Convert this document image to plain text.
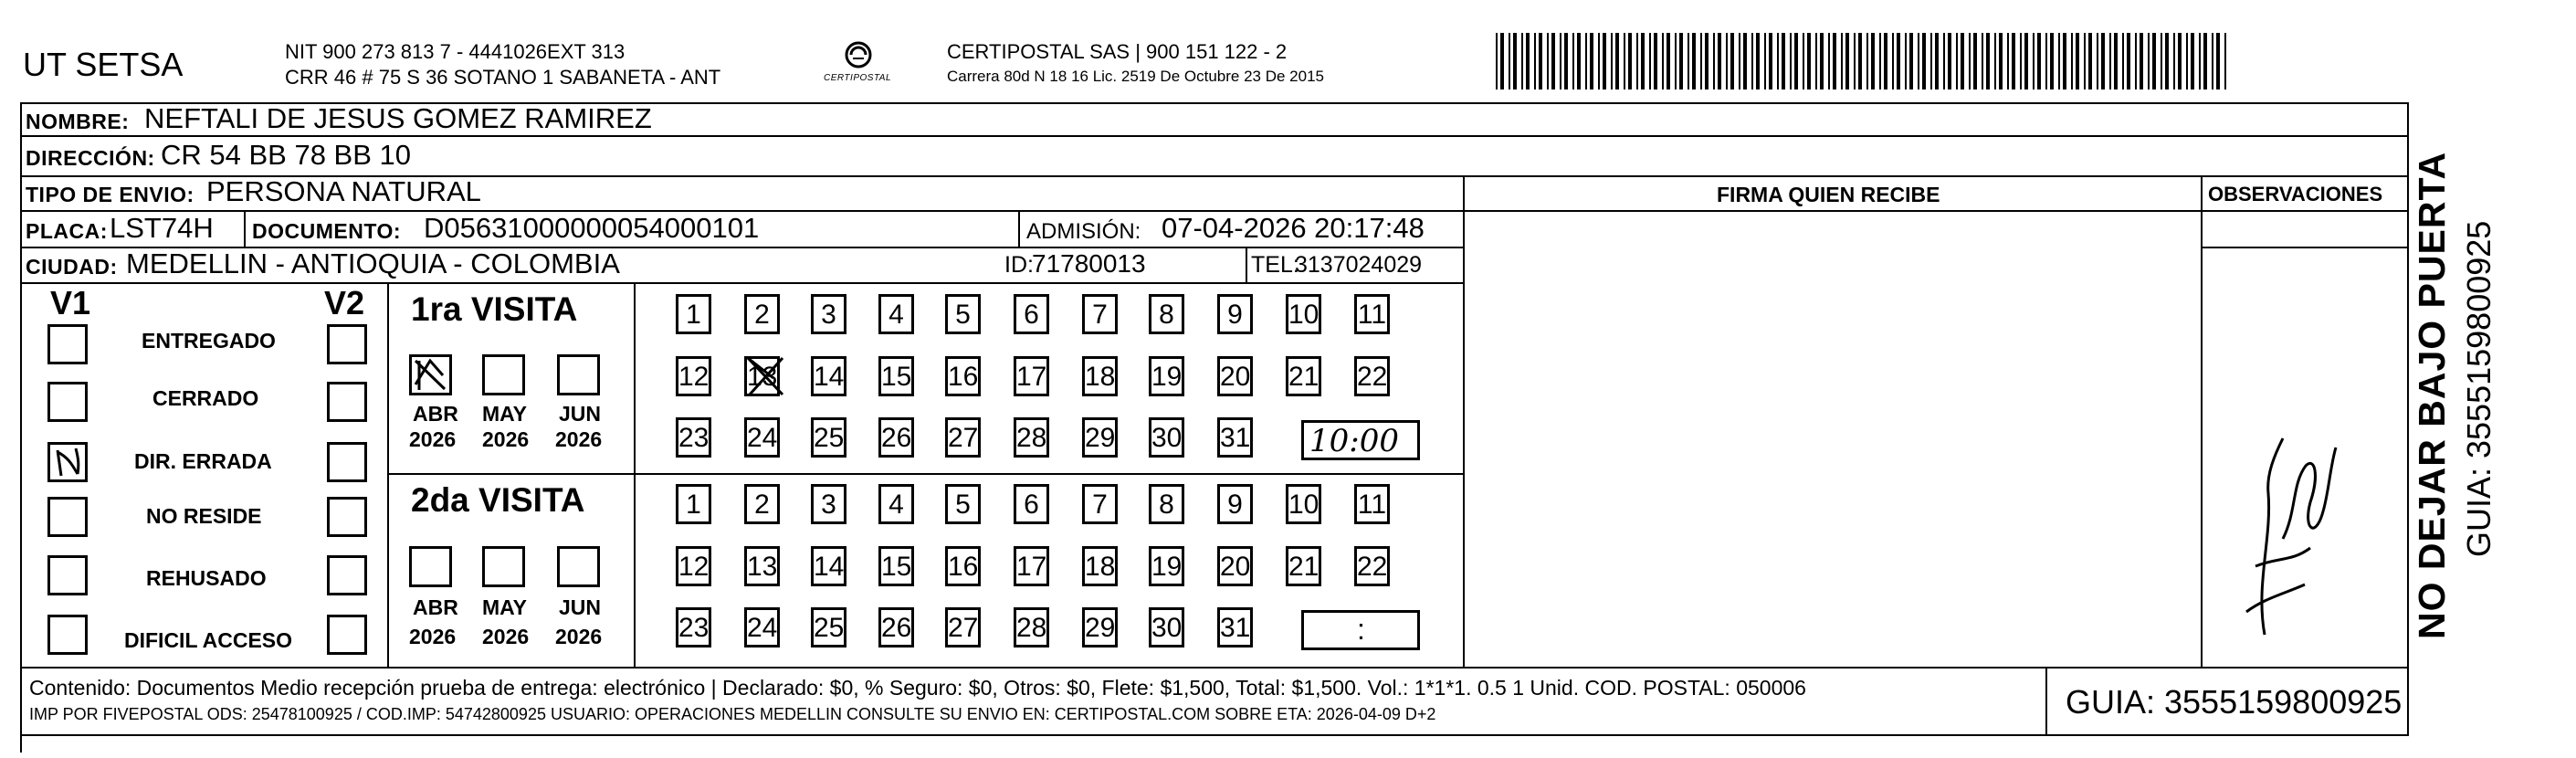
UT SETSA	NIT 900 273 813 7 - 4441026EXT 313
CRR 46 # 75 S 36 SOTANO 1 SABANETA - ANT	CERTIPOSTAL
CERTIPOSTAL SAS | 900 151 122 - 2
Carrera 80d N 18 16 Lic. 2519 De Octubre 23 De 2015
NOMBRE: NEFTALI DE JESUS GOMEZ RAMIREZ
DIRECCIÓN: CR 54 BB 78 BB 10
TIPO DE ENVIO: PERSONA NATURAL
PLACA: LST74H DOCUMENTO: D05631000000054000101	ADMISIÓN: 07-04-2026 20:17:48
CIUDAD: MEDELLIN - ANTIOQUIA - COLOMBIA	ID:
71780013	TEL:
3137024029
FIRMA QUIEN RECIBE	OBSERVACIONES NO DEJAR BAJO PUERTA GUIA: 3555159800925
V1	V2
ENTREGADO
CERRADO
DIR. ERRADA
NO RESIDE
REHUSADO
DIFICIL ACCESO
1ra VISITA
2da VISITA
ABR MAY JUN
2026 2026 2026
ABR MAY JUN
2026 2026 2026
1	2	3	4	5	6	7	8	9	10 11
12 13 14 15 16 17 18 19 20 21 22
23 24 25 26 27 28 29 30 31
1	2	3	4	5	6	7	8	9	10 11
12 13 14 15 16 17 18 19 20 21 22
23 24 25 26 27 28 29 30 31
10:00
:
Contenido: Documentos Medio recepción prueba de entrega: electrónico | Declarado: $0, % Seguro: $0, Otros: $0, Flete: $1,500, Total: $1,500. Vol.: 1*1*1. 0.5 1 Unid. COD. POSTAL: 050006
IMP POR FIVEPOSTAL ODS: 25478100925 / COD.IMP: 54742800925 USUARIO: OPERACIONES MEDELLIN CONSULTE SU ENVIO EN: CERTIPOSTAL.COM SOBRE ETA: 2026-04-09 D+2	GUIA: 3555159800925
